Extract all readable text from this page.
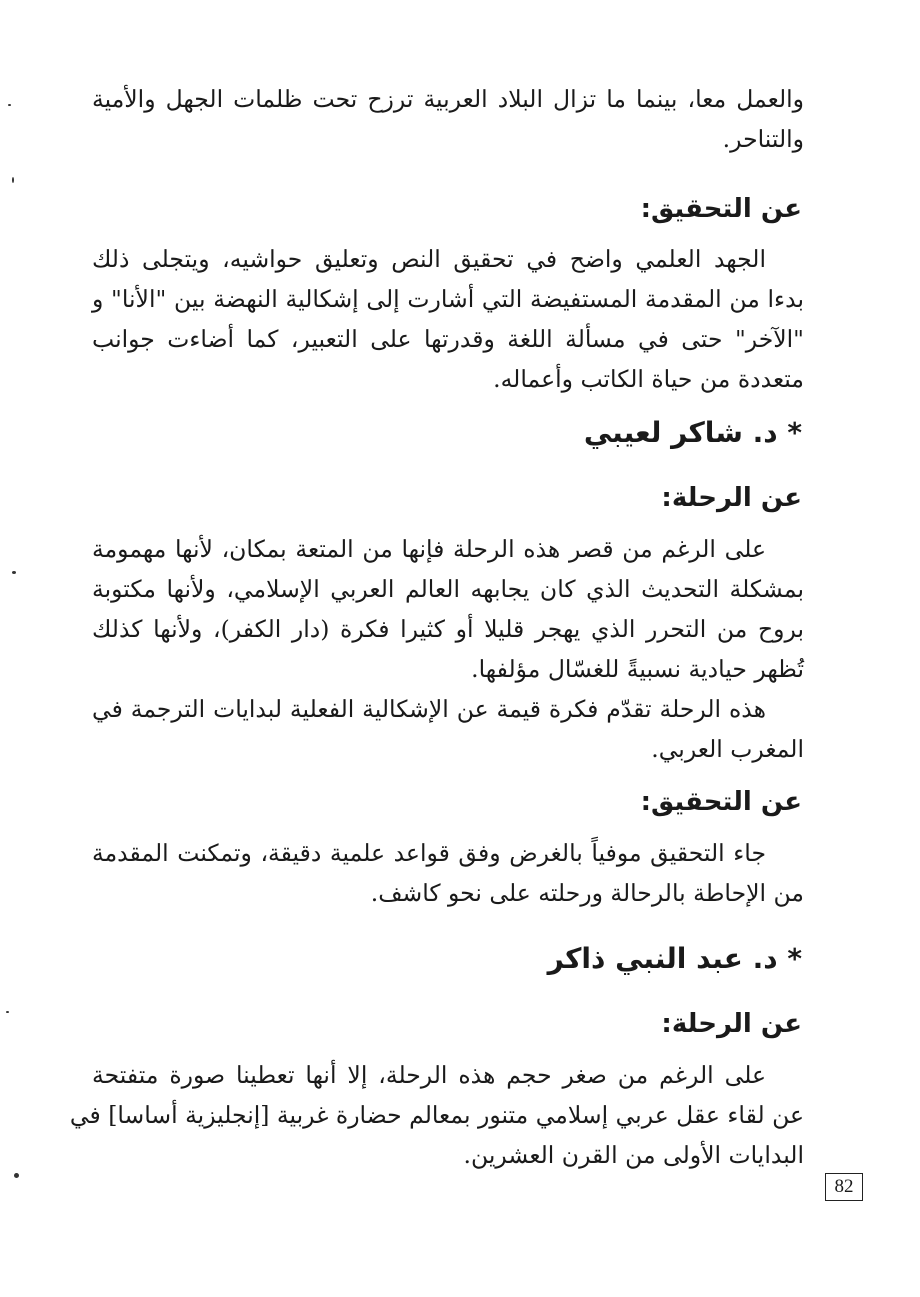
والعمل معا، بينما ما تزال البلاد العربية ترزح تحت ظلمات الجهل والأمية
والتناحر.
عن التحقيق:
الجهد العلمي واضح في تحقيق النص وتعليق حواشيه، ويتجلى ذلك
بدءا من المقدمة المستفيضة التي أشارت إلى إشكالية النهضة بين "الأنا" و
"الآخر" حتى في مسألة اللغة وقدرتها على التعبير، كما أضاءت جوانب
متعددة من حياة الكاتب وأعماله.
* د. شاكر لعيبي
عن الرحلة:
على الرغم من قصر هذه الرحلة فإنها من المتعة بمكان، لأنها مهمومة
بمشكلة التحديث الذي كان يجابهه العالم العربي الإسلامي، ولأنها مكتوبة
بروح من التحرر الذي يهجر قليلا أو كثيرا فكرة (دار الكفر)، ولأنها كذلك
تُظهر حيادية نسبيةً للغسّال مؤلفها.
هذه الرحلة تقدّم فكرة قيمة عن الإشكالية الفعلية لبدايات الترجمة في
المغرب العربي.
عن التحقيق:
جاء التحقيق موفياً بالغرض وفق قواعد علمية دقيقة، وتمكنت المقدمة
من الإحاطة بالرحالة ورحلته على نحو كاشف.
* د. عبد النبي ذاكر
عن الرحلة:
على الرغم من صغر حجم هذه الرحلة، إلا أنها تعطينا صورة متفتحة
عن لقاء عقل عربي إسلامي متنور بمعالم حضارة غربية [إنجليزية أساسا] في
البدايات الأولى من القرن العشرين.
82
